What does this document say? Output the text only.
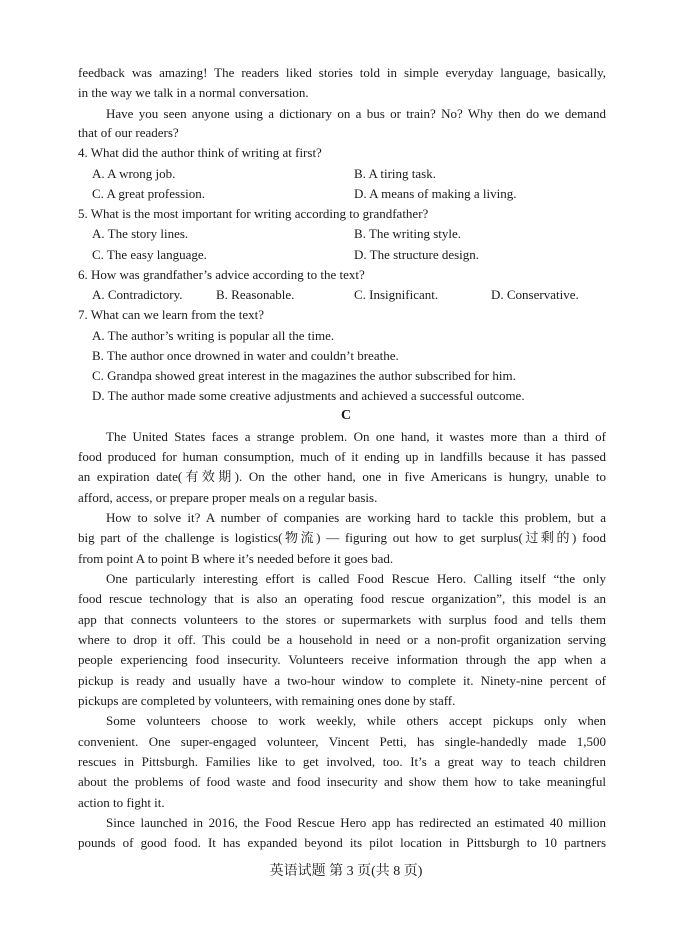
feedback was amazing! The readers liked stories told in simple everyday language, basically,
in the way we talk in a normal conversation.
Have you seen anyone using a dictionary on a bus or train? No? Why then do we demand
that of our readers?
4. What did the author think of writing at first?
A. A wrong job.	B. A tiring task.
C. A great profession.	D. A means of making a living.
5. What is the most important for writing according to grandfather?
A. The story lines.	B. The writing style.
C. The easy language.	D. The structure design.
6. How was grandfather’s advice according to the text?
A. Contradictory.	B. Reasonable.	C. Insignificant.	D. Conservative.
7. What can we learn from the text?
A. The author’s writing is popular all the time.
B. The author once drowned in water and couldn’t breathe.
C. Grandpa showed great interest in the magazines the author subscribed for him.
D. The author made some creative adjustments and achieved a successful outcome.
C
The United States faces a strange problem. On one hand, it wastes more than a third of
food produced for human consumption, much of it ending up in landfills because it has passed
an expiration date(有效期). On the other hand, one in five Americans is hungry, unable to
afford, access, or prepare proper meals on a regular basis.
How to solve it? A number of companies are working hard to tackle this problem, but a
big part of the challenge is logistics(物流) — figuring out how to get surplus(过剩的) food
from point A to point B where it’s needed before it goes bad.
One particularly interesting effort is called Food Rescue Hero. Calling itself “the only
food rescue technology that is also an operating food rescue organization”, this model is an
app that connects volunteers to the stores or supermarkets with surplus food and tells them
where to drop it off. This could be a household in need or a non-profit organization serving
people experiencing food insecurity. Volunteers receive information through the app when a
pickup is ready and usually have a two-hour window to complete it. Ninety-nine percent of
pickups are completed by volunteers, with remaining ones done by staff.
Some volunteers choose to work weekly, while others accept pickups only when
convenient. One super-engaged volunteer, Vincent Petti, has single-handedly made 1,500
rescues in Pittsburgh. Families like to get involved, too. It’s a great way to teach children
about the problems of food waste and food insecurity and show them how to take meaningful
action to fight it.
Since launched in 2016, the Food Rescue Hero app has redirected an estimated 40 million
pounds of good food. It has expanded beyond its pilot location in Pittsburgh to 10 partners
英语试题 第 3 页(共 8 页)
